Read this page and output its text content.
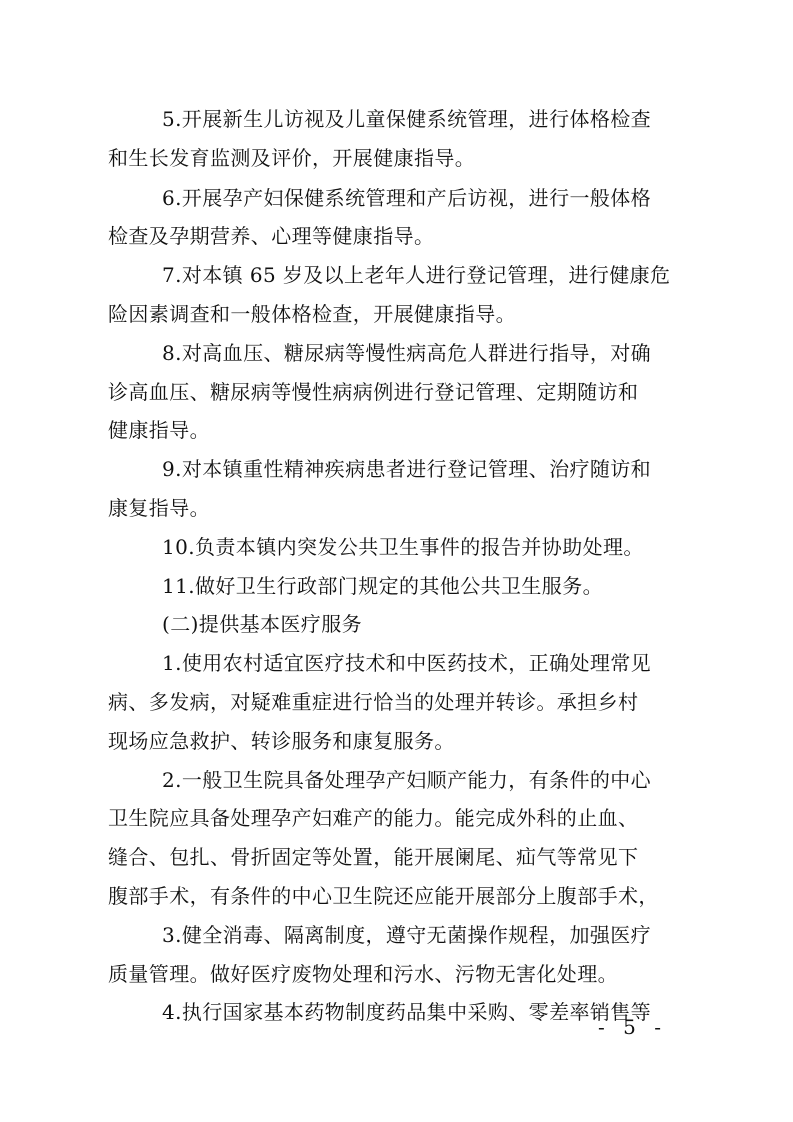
5.开展新生儿访视及儿童保健系统管理，进行体格检查
和生长发育监测及评价，开展健康指导。
6.开展孕产妇保健系统管理和产后访视，进行一般体格
检查及孕期营养、心理等健康指导。
7.对本镇 65 岁及以上老年人进行登记管理，进行健康危
险因素调查和一般体格检查，开展健康指导。
8.对高血压、糖尿病等慢性病高危人群进行指导，对确
诊高血压、糖尿病等慢性病病例进行登记管理、定期随访和
健康指导。
9.对本镇重性精神疾病患者进行登记管理、治疗随访和
康复指导。
10.负责本镇内突发公共卫生事件的报告并协助处理。
11.做好卫生行政部门规定的其他公共卫生服务。
(二)提供基本医疗服务
1.使用农村适宜医疗技术和中医药技术，正确处理常见
病、多发病，对疑难重症进行恰当的处理并转诊。承担乡村
现场应急救护、转诊服务和康复服务。
2.一般卫生院具备处理孕产妇顺产能力，有条件的中心
卫生院应具备处理孕产妇难产的能力。能完成外科的止血、
缝合、包扎、骨折固定等处置，能开展阑尾、疝气等常见下
腹部手术，有条件的中心卫生院还应能开展部分上腹部手术，
3.健全消毒、隔离制度，遵守无菌操作规程，加强医疗
质量管理。做好医疗废物处理和污水、污物无害化处理。
4.执行国家基本药物制度药品集中采购、零差率销售等
- 5 -
